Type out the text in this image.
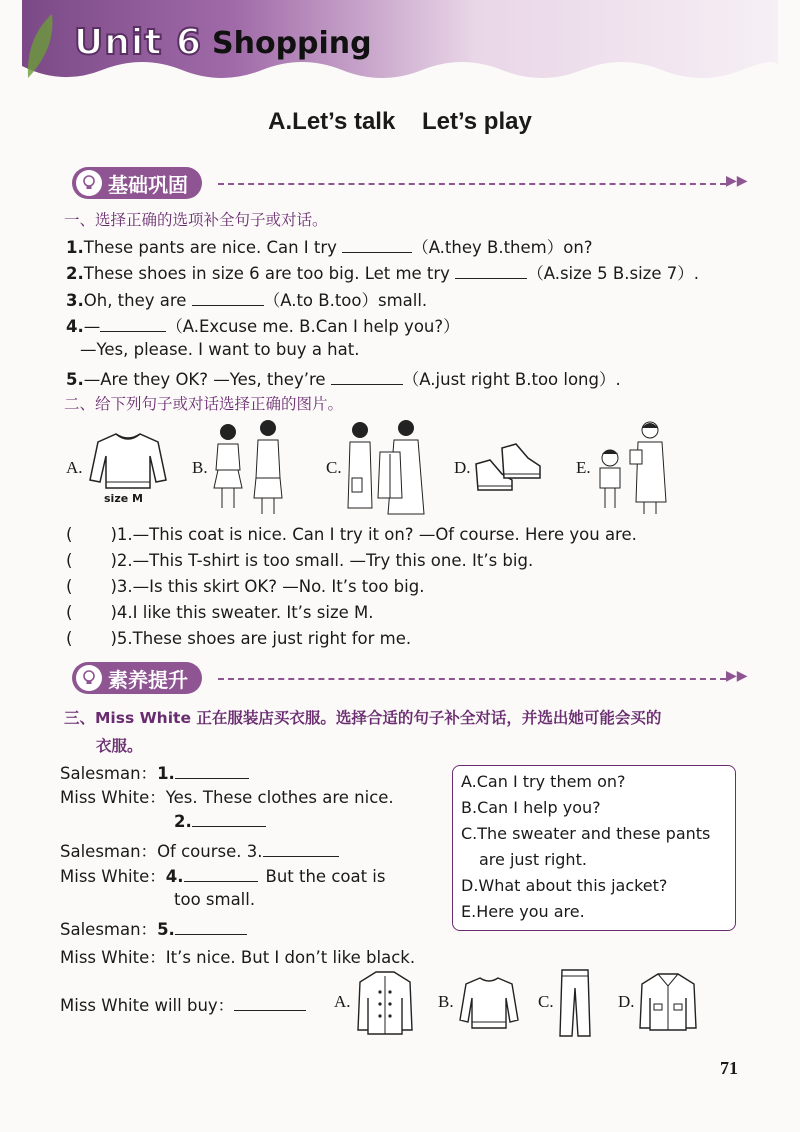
Unit 6 Shopping
A.Let’s talk    Let’s play
基础巩固	▶▶
一、选择正确的选项补全句子或对话。
1.These pants are nice. Can I try	（A.they B.them）on?
2.These shoes in size 6 are too big. Let me try	（A.size 5 B.size 7）.
3.Oh, they are	（A.to B.too）small.
4.—	（A.Excuse me. B.Can I help you?）
—Yes, please. I want to buy a hat.
5.—Are they OK? —Yes, they’re	（A.just right B.too long）.
二、给下列句子或对话选择正确的图片。
A.
size M
B.	C.	D.	E.
( )1.—This coat is nice. Can I try it on? —Of course. Here you are.
( )2.—This T-shirt is too small. —Try this one. It’s big.
( )3.—Is this skirt OK? —No. It’s too big.
( )4.I like this sweater. It’s size M.
( )5.These shoes are just right for me.
素养提升	▶▶
三、Miss White 正在服装店买衣服。选择合适的句子补全对话，并选出她可能会买的
衣服。
Salesman：1.
Miss White：Yes. These clothes are nice.
2.
Salesman：Of course. 3.
Miss White：4.	But the coat is
too small.
Salesman：5.
Miss White：It’s nice. But I don’t like black.
A.Can I try them on?
B.Can I help you?
C.The sweater and these pants
are just right.
D.What about this jacket?
E.Here you are.
Miss White will buy：	A.	B.	C.	D.
71
